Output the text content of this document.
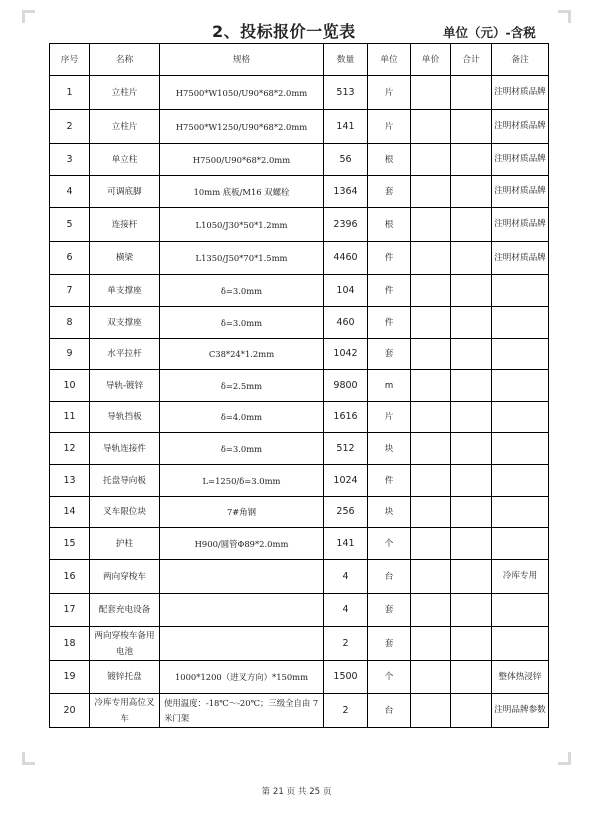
2、投标报价一览表	单位（元）-含税
序号	名称	规格	数量	单位	单价	合计	备注
1	立柱片	H7500*W1050/U90*68*2.0mm	513	片			注明材质品牌
2	立柱片	H7500*W1250/U90*68*2.0mm	141	片			注明材质品牌
3	单立柱	H7500/U90*68*2.0mm	56	根			注明材质品牌
4	可调底脚	10mm 底板/M16 双螺栓	1364	套			注明材质品牌
5	连接杆	L1050/J30*50*1.2mm	2396	根			注明材质品牌
6	横梁	L1350/J50*70*1.5mm	4460	件			注明材质品牌
7	单支撑座	δ=3.0mm	104	件			
8	双支撑座	δ=3.0mm	460	件			
9	水平拉杆	C38*24*1.2mm	1042	套			
10	导轨-镀锌	δ=2.5mm	9800	m			
11	导轨挡板	δ=4.0mm	1616	片			
12	导轨连接件	δ=3.0mm	512	块			
13	托盘导向板	L=1250/δ=3.0mm	1024	件			
14	叉车限位块	7#角钢	256	块			
15	护柱	H900/圆管Φ89*2.0mm	141	个			
16	两向穿梭车		4	台			冷库专用
17	配套充电设备		4	套			
18	两向穿梭车备用电池		2	套			
19	镀锌托盘	1000*1200（进叉方向）*150mm	1500	个			整体热浸锌
20	冷库专用高位叉车	使用温度：-18℃～-20℃；三级全自由 7 米门架	2	台			注明品牌参数
第 21 页 共 25 页
